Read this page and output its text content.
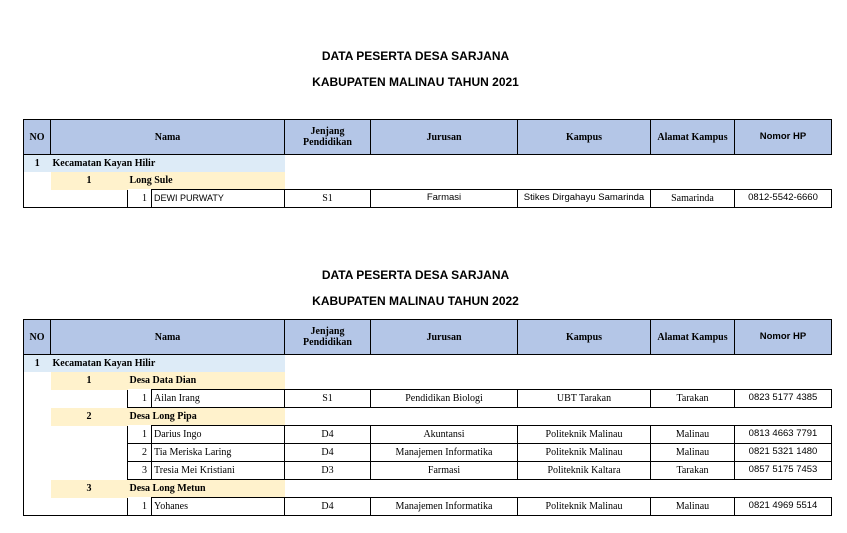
DATA PESERTA DESA SARJANA
KABUPATEN MALINAU TAHUN 2021
NO	Nama			Jenjang Pendidikan	Jurusan	Kampus	Alamat Kampus	Nomor HP
1	Kecamatan Kayan Hilir							
	1	Long Sule						
		1	DEWI PURWATY	S1	Farmasi	Stikes Dirgahayu Samarinda	Samarinda	0812-5542-6660
DATA PESERTA DESA SARJANA
KABUPATEN MALINAU TAHUN 2022
NO	Nama			Jenjang Pendidikan	Jurusan	Kampus	Alamat Kampus	Nomor HP
1	Kecamatan Kayan Hilir							
	1	Desa Data Dian						
		1	Ailan Irang	S1	Pendidikan Biologi	UBT Tarakan	Tarakan	0823 5177 4385
	2	Desa Long Pipa						
		1	Darius Ingo	D4	Akuntansi	Politeknik Malinau	Malinau	0813 4663 7791
		2	Tia Meriska Laring	D4	Manajemen Informatika	Politeknik Malinau	Malinau	0821 5321 1480
		3	Tresia Mei Kristiani	D3	Farmasi	Politeknik Kaltara	Tarakan	0857 5175 7453
	3	Desa Long Metun						
		1	Yohanes	D4	Manajemen Informatika	Politeknik Malinau	Malinau	0821 4969 5514
